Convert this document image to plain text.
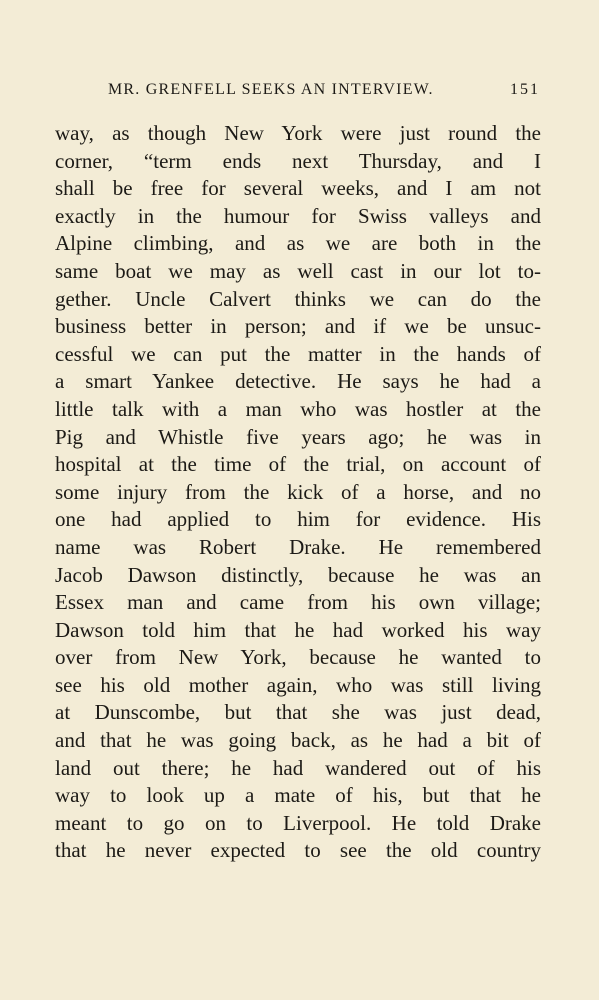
MR. GRENFELL SEEKS AN INTERVIEW.	151
way, as though New York were just round the
corner, “term ends next Thursday, and I
shall be free for several weeks, and I am not
exactly in the humour for Swiss valleys and
Alpine climbing, and as we are both in the
same boat we may as well cast in our lot to-
gether. Uncle Calvert thinks we can do the
business better in person; and if we be unsuc-
cessful we can put the matter in the hands of
a smart Yankee detective. He says he had a
little talk with a man who was hostler at the
Pig and Whistle five years ago; he was in
hospital at the time of the trial, on account of
some injury from the kick of a horse, and no
one had applied to him for evidence. His
name was Robert Drake. He remembered
Jacob Dawson distinctly, because he was an
Essex man and came from his own village;
Dawson told him that he had worked his way
over from New York, because he wanted to
see his old mother again, who was still living
at Dunscombe, but that she was just dead,
and that he was going back, as he had a bit of
land out there; he had wandered out of his
way to look up a mate of his, but that he
meant to go on to Liverpool. He told Drake
that he never expected to see the old country
